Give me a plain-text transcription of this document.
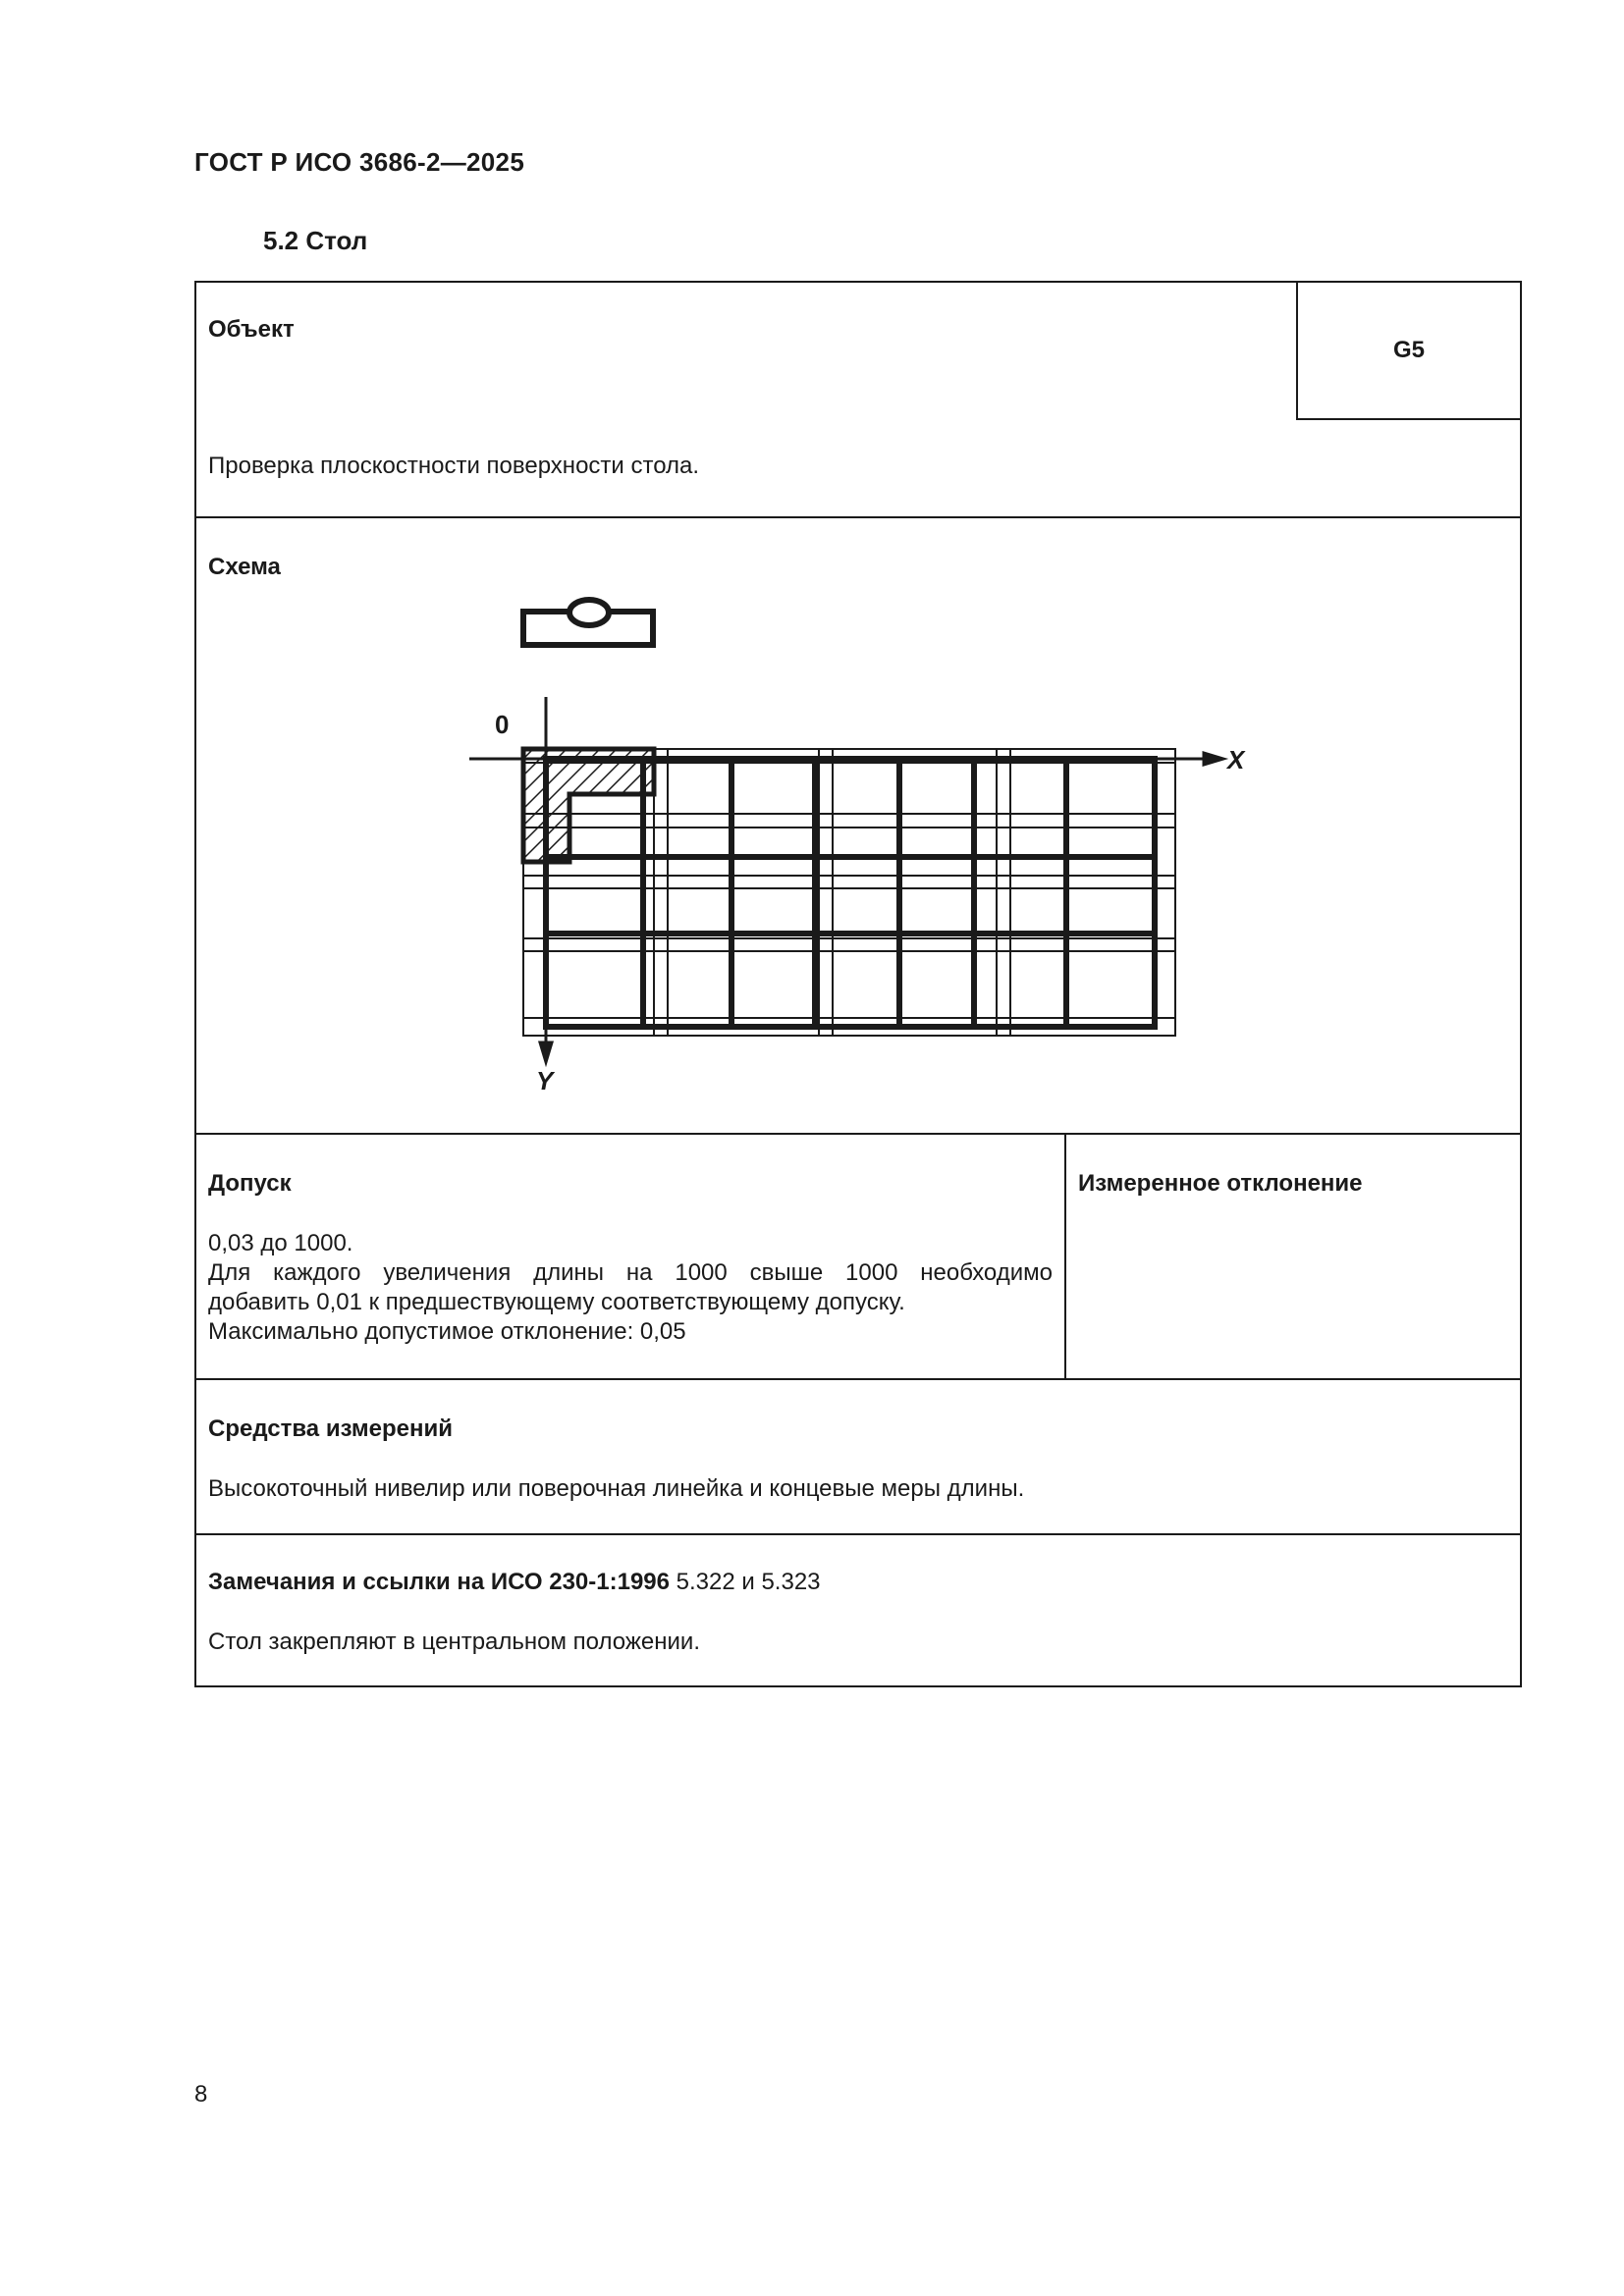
ГОСТ Р ИСО 3686-2—2025
5.2 Стол
Объект
G5
Проверка плоскостности поверхности стола.
Схема
0
X
Y
Допуск
0,03 до 1000.
Для каждого увеличения длины на 1000 свыше 1000 необходимо
добавить 0,01 к предшествующему соответствующему допуску.
Максимально допустимое отклонение: 0,05
Измеренное отклонение
Средства измерений
Высокоточный нивелир или поверочная линейка и концевые меры длины.
Замечания и ссылки на ИСО 230-1:1996 5.322 и 5.323
Стол закрепляют в центральном положении.
8
